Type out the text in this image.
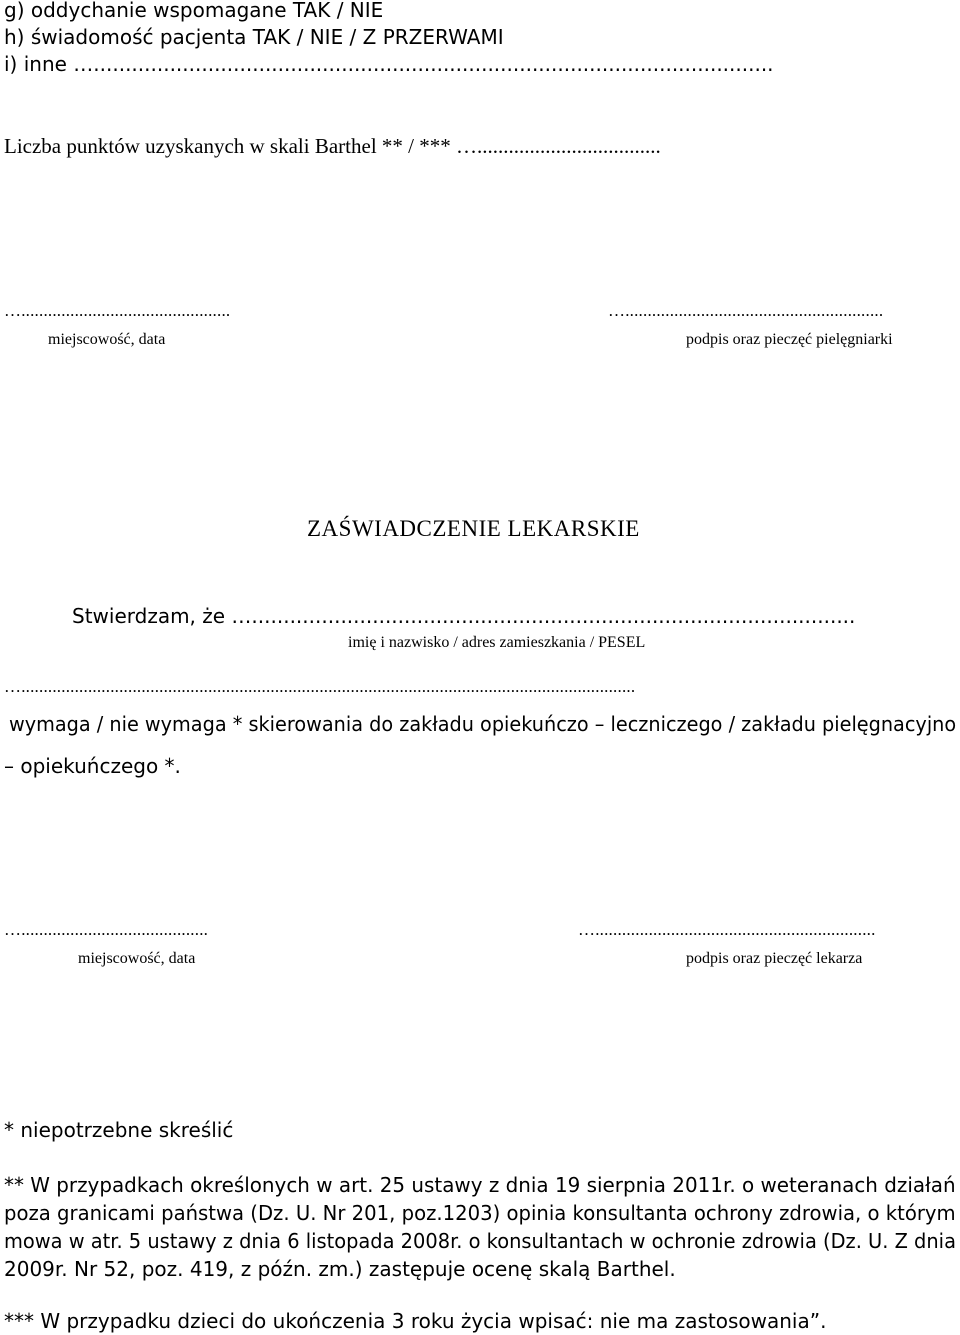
g) oddychanie wspomagane TAK / NIE
h) świadomość pacjenta TAK / NIE / Z PRZERWAMI
i) inne …...........................................................................................................
Liczba punktów uzyskanych w skali Barthel ** / *** …...................................
…...............................................
miejscowość, data
…..........................................................
podpis oraz pieczęć pielęgniarki
ZAŚWIADCZENIE LEKARSKIE
Stwierdzam, że …...............................................................................................
imię i nazwisko / adres zamieszkania / PESEL
…..........................................................................................................................................
wymaga / nie wymaga * skierowania do zakładu opiekuńczo – leczniczego / zakładu pielęgnacyjno
– opiekuńczego *.
…..........................................
miejscowość, data
…...............................................................
podpis oraz pieczęć lekarza
* niepotrzebne skreślić
** W przypadkach określonych w art. 25 ustawy z dnia 19 sierpnia 2011r. o weteranach działań
poza granicami państwa (Dz. U. Nr 201, poz.1203) opinia konsultanta ochrony zdrowia, o którym
mowa w atr. 5 ustawy z dnia 6 listopada 2008r. o konsultantach w ochronie zdrowia (Dz. U. Z dnia
2009r. Nr 52, poz. 419, z późn. zm.) zastępuje ocenę skalą Barthel.
*** W przypadku dzieci do ukończenia 3 roku życia wpisać: nie ma zastosowania”.
